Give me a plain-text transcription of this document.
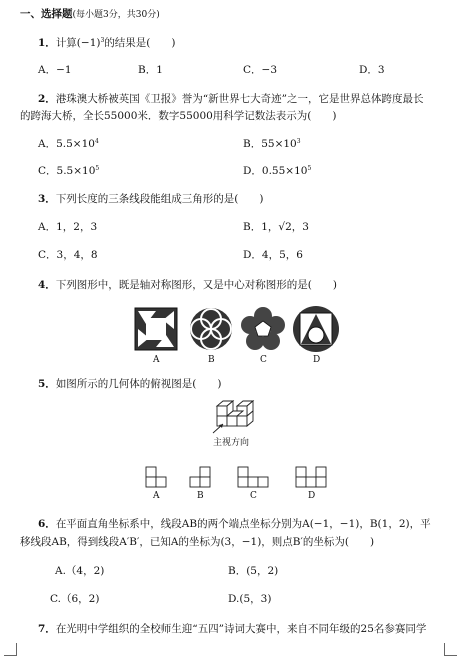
一、选择题(每小题3分，共30分)
1．计算$(-1)^3$的结果是(　　)
A．−1	B．1	C．−3	D．3
2．港珠澳大桥被英国《卫报》誉为“新世界七大奇迹”之一，它是世界总体跨度最长
的跨海大桥，全长55000米．数字55000用科学记数法表示为(　　)
A．$5.5\times 10^4$	B．$55\times 10^3$
C．$5.5\times 10^5$	D．$0.55\times 10^5$
3．下列长度的三条线段能组成三角形的是(　　)
A．1，2，3	B．1，√2，3
C．3，4，8	D．4，5，6
4．下列图形中，既是轴对称图形，又是中心对称图形的是(　　)
A	B	C	D
5．如图所示的几何体的俯视图是(　　)
主视方向
A	B	C	D
6．在平面直角坐标系中，线段AB的两个端点坐标分别为A(−1，−1)，B(1，2)，平
移线段AB，得到线段A′B′，已知A的坐标为(3，−1)，则点B′的坐标为(　　)
A.（4，2)	B．(5，2)
C.（6，2)	D.(5，3)
7．在光明中学组织的全校师生迎“五四”诗词大赛中，来自不同年级的25名参赛同学
